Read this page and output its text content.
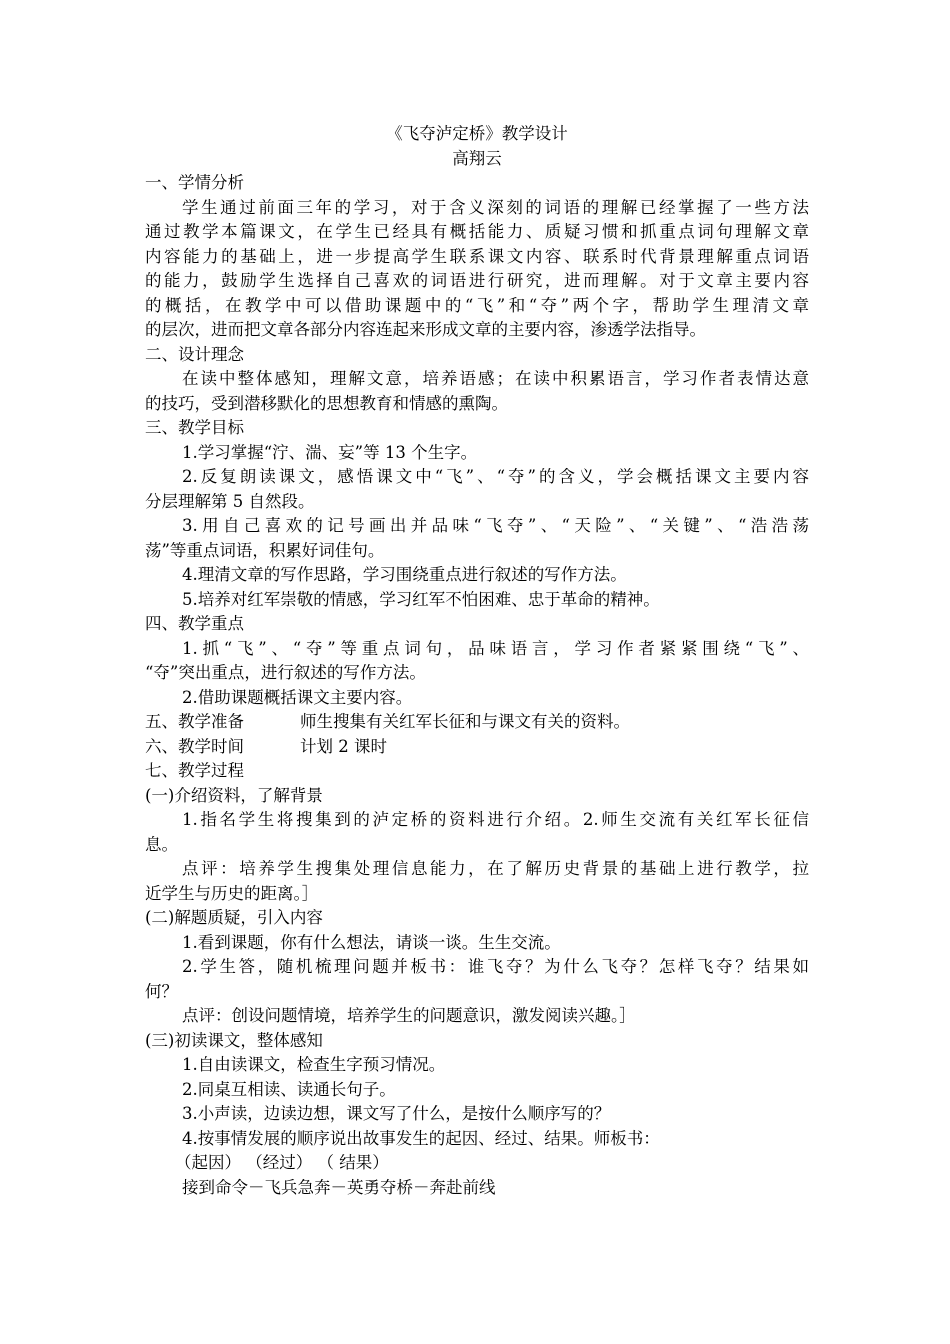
《飞夺泸定桥》教学设计
高翔云
一、学情分析
学生通过前面三年的学习，对于含义深刻的词语的理解已经掌握了一些方法
通过教学本篇课文，在学生已经具有概括能力、质疑习惯和抓重点词句理解文章
内容能力的基础上，进一步提高学生联系课文内容、联系时代背景理解重点词语
的能力，鼓励学生选择自己喜欢的词语进行研究，进而理解。对于文章主要内容
的概括，在教学中可以借助课题中的“飞”和“夺”两个字，帮助学生理清文章
的层次，进而把文章各部分内容连起来形成文章的主要内容，渗透学法指导。
二、设计理念
在读中整体感知，理解文意，培养语感；在读中积累语言，学习作者表情达意
的技巧，受到潜移默化的思想教育和情感的熏陶。
三、教学目标
1.学习掌握“泞、湍、妄”等 13 个生字。
2.反复朗读课文，感悟课文中“飞”、“夺”的含义，学会概括课文主要内容
分层理解第 5 自然段。
3.用自己喜欢的记号画出并品味“飞夺”、“天险”、“关键”、“浩浩荡
荡”等重点词语，积累好词佳句。
4.理清文章的写作思路，学习围绕重点进行叙述的写作方法。
5.培养对红军崇敬的情感，学习红军不怕困难、忠于革命的精神。
四、教学重点
1.抓“飞”、“夺”等重点词句，品味语言，学习作者紧紧围绕“飞”、
“夺”突出重点，进行叙述的写作方法。
2.借助课题概括课文主要内容。
五、教学准备	师生搜集有关红军长征和与课文有关的资料。
六、教学时间	计划 2 课时
七、教学过程
(一)介绍资料，了解背景
1.指名学生将搜集到的泸定桥的资料进行介绍。2.师生交流有关红军长征信
息。
点评：培养学生搜集处理信息能力，在了解历史背景的基础上进行教学，拉
近学生与历史的距离。］
(二)解题质疑，引入内容
1.看到课题，你有什么想法，请谈一谈。生生交流。
2.学生答，随机梳理问题并板书：谁飞夺？为什么飞夺？怎样飞夺？结果如
何？
点评：创设问题情境，培养学生的问题意识，激发阅读兴趣。］
(三)初读课文，整体感知
1.自由读课文，检查生字预习情况。
2.同桌互相读、读通长句子。
3.小声读，边读边想，课文写了什么，是按什么顺序写的？
4.按事情发展的顺序说出故事发生的起因、经过、结果。师板书：
（起因） （经过） （ 结果）
接到命令－飞兵急奔－英勇夺桥－奔赴前线
